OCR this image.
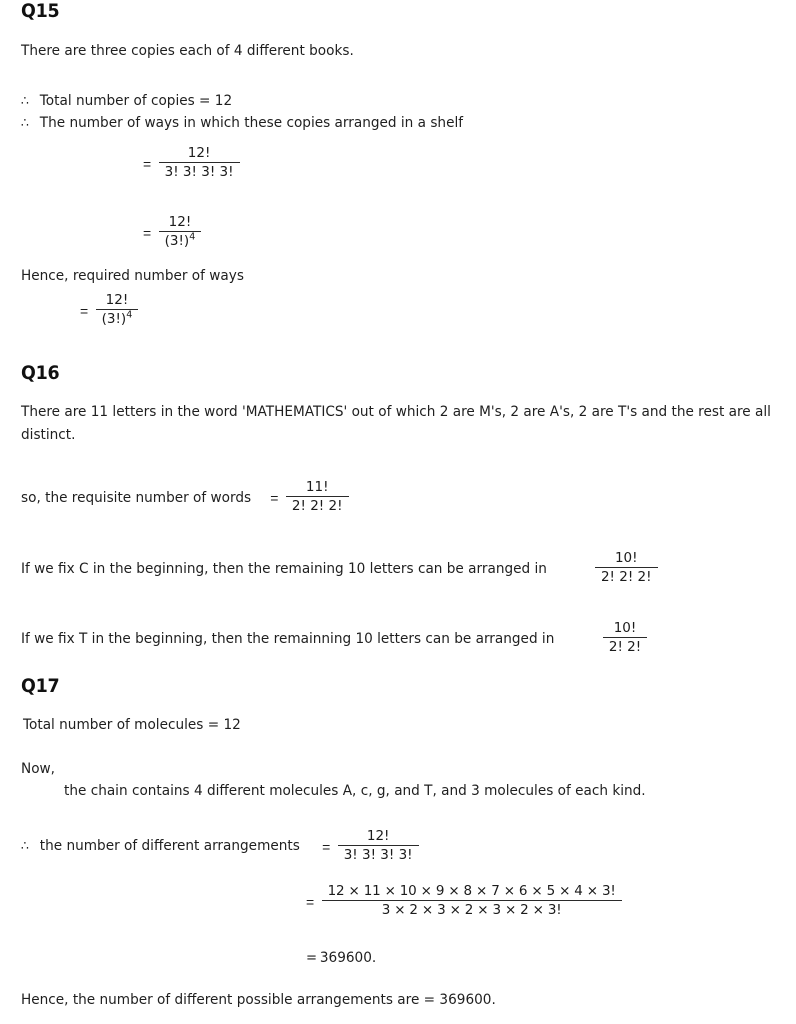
Q15
There are three copies each of 4 different books.
∴ Total number of copies = 12
∴ The number of ways in which these copies arranged in a shelf
= $\frac{12!}{3! 3! 3! 3!}$
= $\frac{12!}{(3!)^4}$
Hence, required number of ways
= $\frac{12!}{(3!)^4}$
Q16
There are 11 letters in the word 'MATHEMATICS' out of which 2 are M's, 2 are A's, 2 are T's and the rest are all distinct.
so, the requisite number of words = $\frac{11!}{2! 2! 2!}$
If we fix C in the beginning, then the remaining 10 letters can be arranged in	$\frac{10!}{2! 2! 2!}$
If we fix T in the beginning, then the remainning 10 letters can be arranged in	$\frac{10!}{2! 2!}$
Q17
Total number of molecules = 12
Now,
the chain contains 4 different molecules A, c, g, and T, and 3 molecules of each kind.
∴ the number of different arrangements = $\frac{12!}{3! 3! 3! 3!}$
= $\frac{12 \times 11 \times 10 \times 9 \times 8 \times 7 \times 6 \times 5 \times 4 \times 3!}{3 \times 2 \times 3 \times 2 \times 3 \times 2 \times 3!}$
= 369600.
Hence, the number of different possible arrangements are = 369600.
